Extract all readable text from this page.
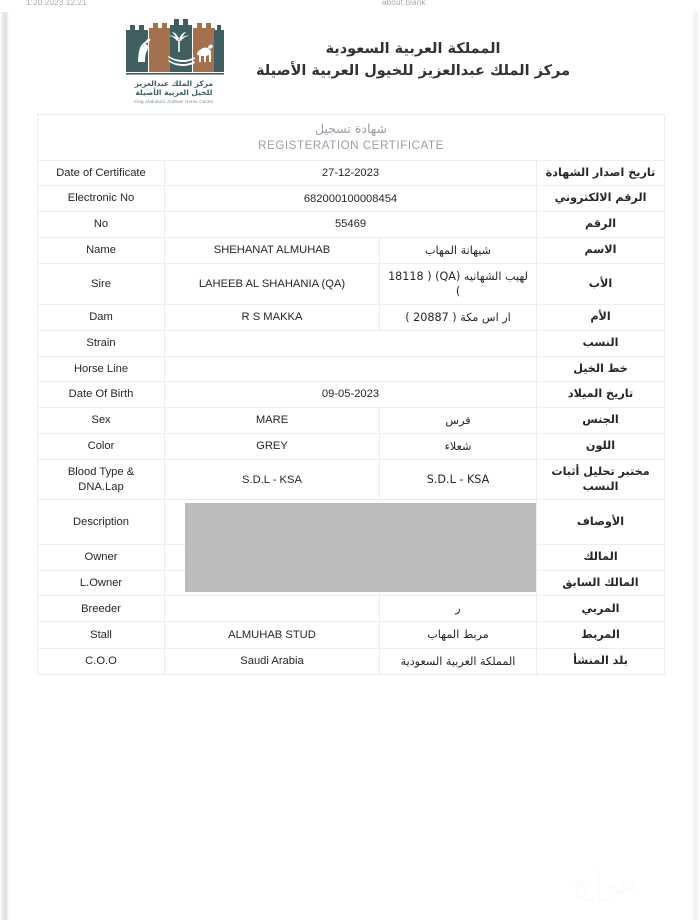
1:20 2023 12:21	about:blank
المملكة العربية السعودية
مركز الملك عبدالعزيز للخيول العربية الأصيلة
مركز الملك عبدالعزيز
للخيل العربية الأصيلة
King Abdulaziz Arabian Horse Center
شهادة تسجيل
REGISTERATION CERTIFICATE			

Date of Certificate	27-12-2023		تاريخ اصدار الشهادة
Electronic No	682000100008454		الرقم الالكتروني
No	55469		الرقم
Name	SHEHANAT ALMUHAB	شيهانة المهاب	الاسم
Sire	LAHEEB AL SHAHANIA (QA)	لهيب الشهانيه (QA) ( 18118 )	الأب
Dam	R S MAKKA	ار اس مكة ( 20887 )	الأم
Strain			النسب
Horse Line			خط الخيل
Date Of Birth	09-05-2023		تاريخ الميلاد
Sex	MARE	فرس	الجنس
Color	GREY	شعلاء	اللون
Blood Type & DNA.Lap	S.D.L - KSA	S.D.L - KSA	مختبر تحليل أثبات النسب
Description			الأوصاف
Owner			المالك
L.Owner			المالك السابق
Breeder		ر	المربي
Stall	ALMUHAB STUD	مربط المهاب	المربط
C.O.O	Saudi Arabia	المملكة العربية السعودية	بلد المنشأ
حراج
